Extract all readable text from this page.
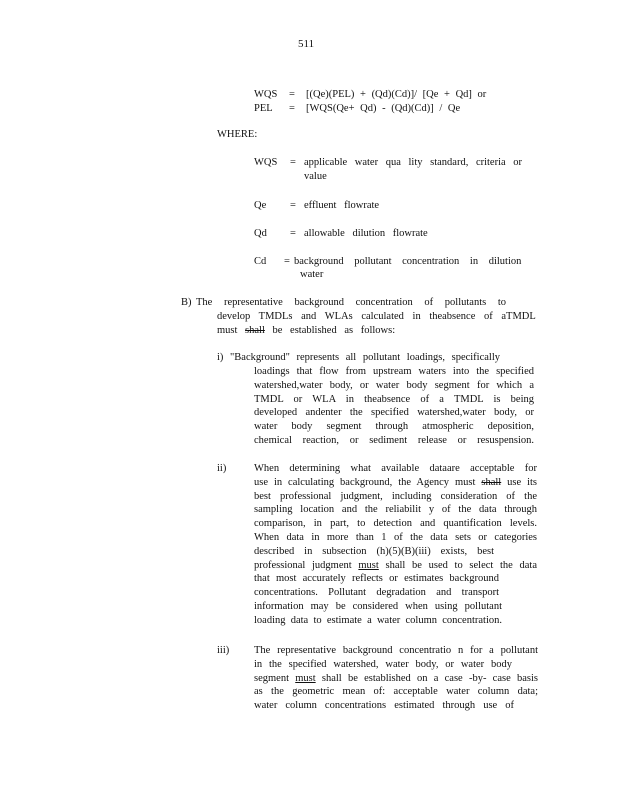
511
WQS = [(Qe)(PEL) + (Qd)(Cd)]/ [Qe + Qd] or
PEL = [WQS(Qe+ Qd) - (Qd)(Cd)] / Qe
WHERE:
WQS = applicable water qua lity standard, criteria or
value
Qe = effluent flowrate
Qd = allowable dilution flowrate
Cd = background pollutant concentration in dilution
water
B) The representative background concentration of pollutants to
develop TMDLs and WLAs calculated in theabsence of aTMDL
must shall be established as follows:
i) "Background" represents all pollutant loadings, specifically
loadings that flow from upstream waters into the specified
watershed,water body, or water body segment for which a
TMDL or WLA in theabsence of a TMDL is being
developed andenter the specified watershed,water body, or
water body segment through atmospheric deposition,
chemical reaction, or sediment release or resuspension.
ii)	When determining what available dataare acceptable for
use in calculating background, the Agency must shall use its
best professional judgment, including consideration of the
sampling location and the reliabilit y of the data through
comparison, in part, to detection and quantification levels.
When data in more than 1 of the data sets or categories
described in subsection (h)(5)(B)(iii) exists, best
professional judgment must shall be used to select the data
that most accurately reflects or estimates background
concentrations. Pollutant degradation and transport
information may be considered when using pollutant
loading data to estimate a water column concentration.
iii) The representative background concentratio n for a pollutant
in the specified watershed, water body, or water body
segment must shall be established on a case -by- case basis
as the geometric mean of: acceptable water column data;
water column concentrations estimated through use of
